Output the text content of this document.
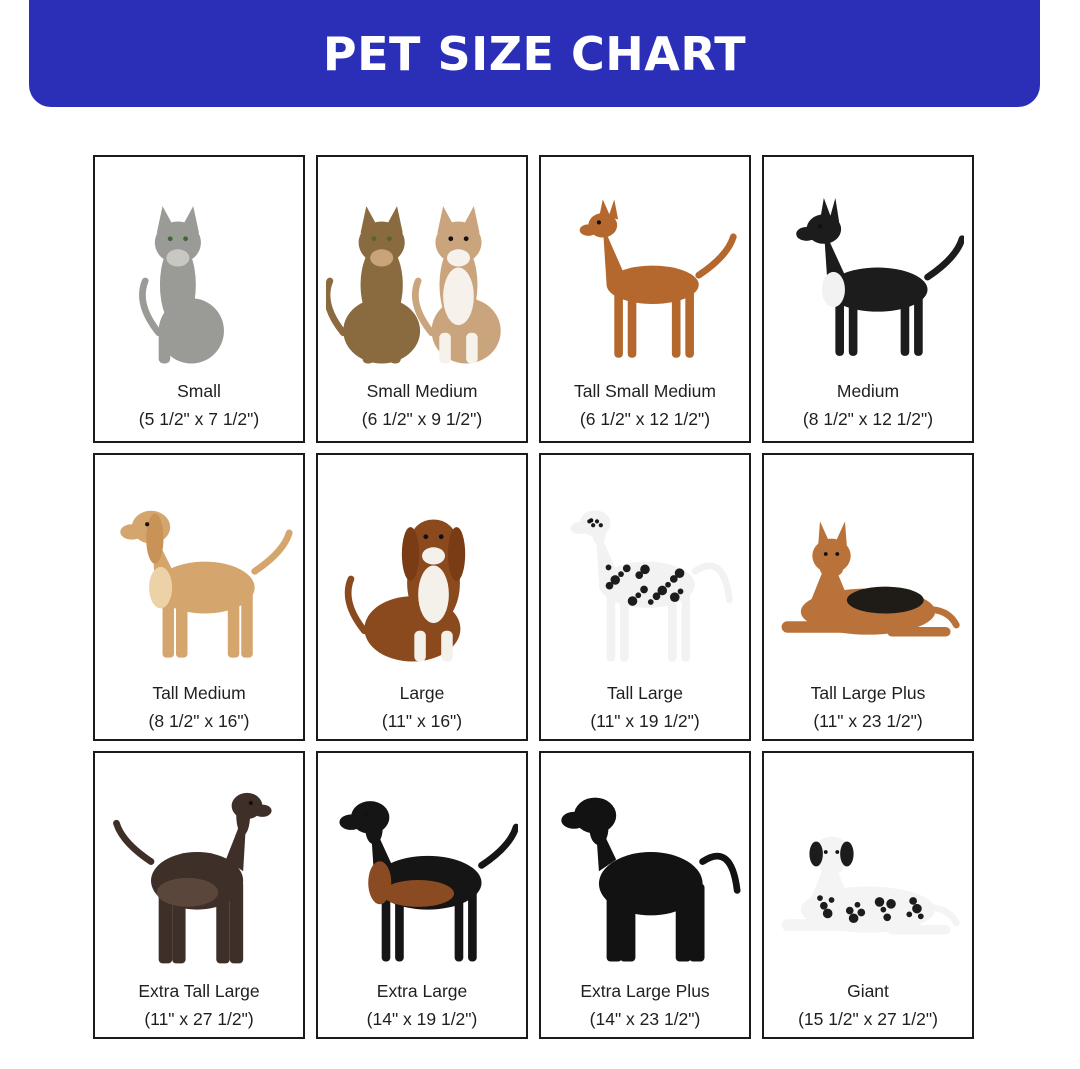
PET SIZE CHART
Small
(5 1/2" x 7 1/2")
Small Medium
(6 1/2" x 9 1/2")
Tall Small Medium
(6 1/2" x 12 1/2")
Medium
(8 1/2" x 12 1/2")
Tall Medium
(8 1/2" x 16")
Large
(11" x 16")
Tall Large
(11" x 19 1/2")
Tall Large Plus
(11" x 23 1/2")
Extra Tall Large
(11" x 27 1/2")
Extra Large
(14" x 19 1/2")
Extra Large Plus
(14" x 23 1/2")
Giant
(15 1/2" x 27 1/2")
